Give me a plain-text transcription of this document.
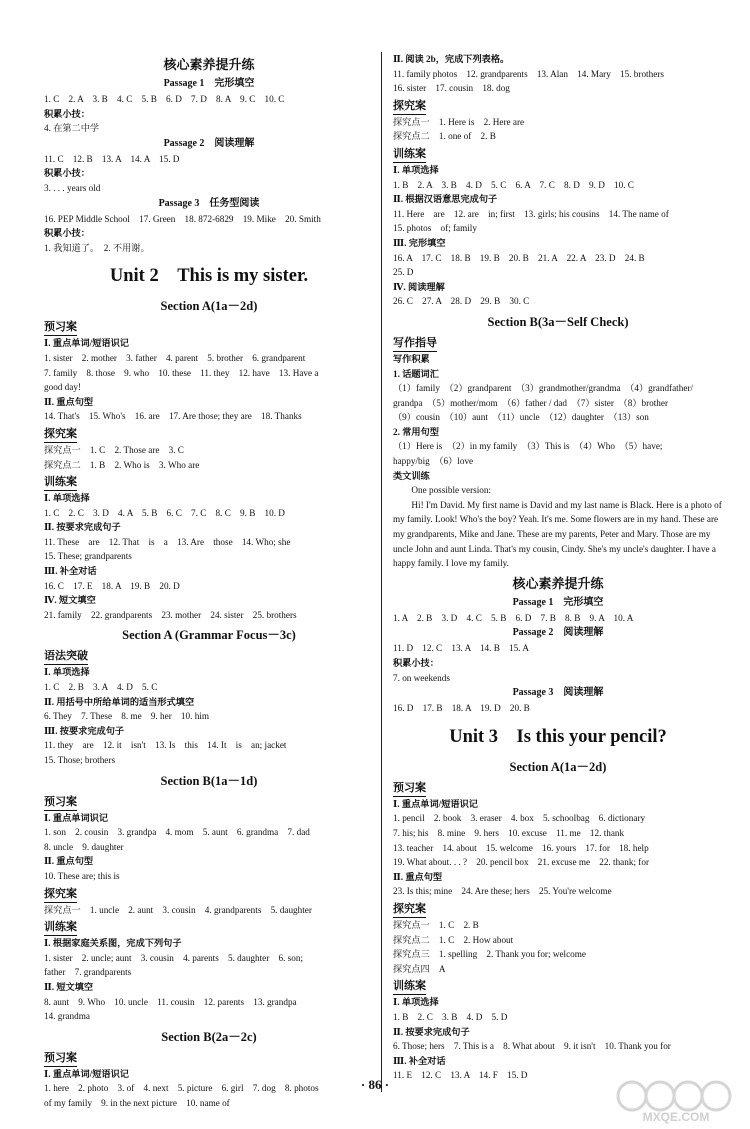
核心素养提升练
Passage 1　完形填空
1. C　2. A　3. B　4. C　5. B　6. D　7. D　8. A　9. C　10. C
积累小技：
4. 在第二中学
Passage 2　阅读理解
11. C　12. B　13. A　14. A　15. D
积累小技：
3. . . . years old
Passage 3　任务型阅读
16. PEP Middle School　17. Green　18. 872-6829　19. Mike　20. Smith
积累小技：
1. 我知道了。　2. 不用谢。
Unit 2　This is my sister.
Section A(1a－2d)
预习案
Ⅰ. 重点单词/短语识记
1. sister　2. mother　3. father　4. parent　5. brother　6. grandparent
7. family　8. those　9. who　10. these　11. they　12. have　13. Have a
good day!
Ⅱ. 重点句型
14. That's　15. Who's　16. are　17. Are those; they are　18. Thanks
探究案
探究点一　1. C　2. Those are　3. C
探究点二　1. B　2. Who is　3. Who are
训练案
Ⅰ. 单项选择
1. C　2. C　3. D　4. A　5. B　6. C　7. C　8. C　9. B　10. D
Ⅱ. 按要求完成句子
11. These　are　12. That　is　a　13. Are　those　14. Who; she
15. These; grandparents
Ⅲ. 补全对话
16. C　17. E　18. A　19. B　20. D
Ⅳ. 短文填空
21. family　22. grandparents　23. mother　24. sister　25. brothers
Section A (Grammar Focus－3c)
语法突破
Ⅰ. 单项选择
1. C　2. B　3. A　4. D　5. C
Ⅱ. 用括号中所给单词的适当形式填空
6. They　7. These　8. me　9. her　10. him
Ⅲ. 按要求完成句子
11. they　are　12. it　isn't　13. Is　this　14. It　is　an; jacket
15. Those; brothers
Section B(1a－1d)
预习案
Ⅰ. 重点单词识记
1. son　2. cousin　3. grandpa　4. mom　5. aunt　6. grandma　7. dad
8. uncle　9. daughter
Ⅱ. 重点句型
10. These are; this is
探究案
探究点一　1. uncle　2. aunt　3. cousin　4. grandparents　5. daughter
训练案
Ⅰ. 根据家庭关系图，完成下列句子
1. sister　2. uncle; aunt　3. cousin　4. parents　5. daughter　6. son;
father　7. grandparents
Ⅱ. 短文填空
8. aunt　9. Who　10. uncle　11. cousin　12. parents　13. grandpa
14. grandma
Section B(2a－2c)
预习案
Ⅰ. 重点单词/短语识记
1. here　2. photo　3. of　4. next　5. picture　6. girl　7. dog　8. photos
of my family　9. in the next picture　10. name of
Ⅱ. 阅读 2b，完成下列表格。
11. family photos　12. grandparents　13. Alan　14. Mary　15. brothers
16. sister　17. cousin　18. dog
探究案
探究点一　1. Here is　2. Here are
探究点二　1. one of　2. B
训练案
Ⅰ. 单项选择
1. B　2. A　3. B　4. D　5. C　6. A　7. C　8. D　9. D　10. C
Ⅱ. 根据汉语意思完成句子
11. Here　are　12. are　in; first　13. girls; his cousins　14. The name of
15. photos　of; family
Ⅲ. 完形填空
16. A　17. C　18. B　19. B　20. B　21. A　22. A　23. D　24. B
25. D
Ⅳ. 阅读理解
26. C　27. A　28. D　29. B　30. C
Section B(3a－Self Check)
写作指导
写作积累
1. 话题词汇
（1）family　（2）grandparent　（3）grandmother/grandma　（4）grandfather/
grandpa　（5）mother/mom　（6）father / dad　（7）sister　（8）brother
（9）cousin　（10）aunt　（11）uncle　（12）daughter　（13）son
2. 常用句型
（1）Here is　（2）in my family　（3）This is　（4）Who　（5）have;
happy/big　（6）love
类文训练
One possible version:
Hi! I'm David. My first name is David and my last name is Black. Here is a photo of my family. Look! Who's the boy? Yeah. It's me. Some flowers are in my hand. These are my grandparents, Mike and Jane. These are my parents, Peter and Mary. Those are my uncle John and aunt Linda. That's my cousin, Cindy. She's my uncle's daughter. I have a happy family. I love my family.
核心素养提升练
Passage 1　完形填空
1. A　2. B　3. D　4. C　5. B　6. D　7. B　8. B　9. A　10. A
Passage 2　阅读理解
11. D　12. C　13. A　14. B　15. A
积累小技：
7. on weekends
Passage 3　阅读理解
16. D　17. B　18. A　19. D　20. B
Unit 3　Is this your pencil?
Section A(1a－2d)
预习案
Ⅰ. 重点单词/短语识记
1. pencil　2. book　3. eraser　4. box　5. schoolbag　6. dictionary
7. his; his　8. mine　9. hers　10. excuse　11. me　12. thank
13. teacher　14. about　15. welcome　16. yours　17. for　18. help
19. What about. . . ?　20. pencil box　21. excuse me　22. thank; for
Ⅱ. 重点句型
23. Is this; mine　24. Are these; hers　25. You're welcome
探究案
探究点一　1. C　2. B
探究点二　1. C　2. How about
探究点三　1. spelling　2. Thank you for; welcome
探究点四　A
训练案
Ⅰ. 单项选择
1. B　2. C　3. B　4. D　5. D
Ⅱ. 按要求完成句子
6. Those; hers　7. This is a　8. What about　9. it isn't　10. Thank you for
Ⅲ. 补全对话
11. E　12. C　13. A　14. F　15. D
· 86 ·
MXQE.COM
